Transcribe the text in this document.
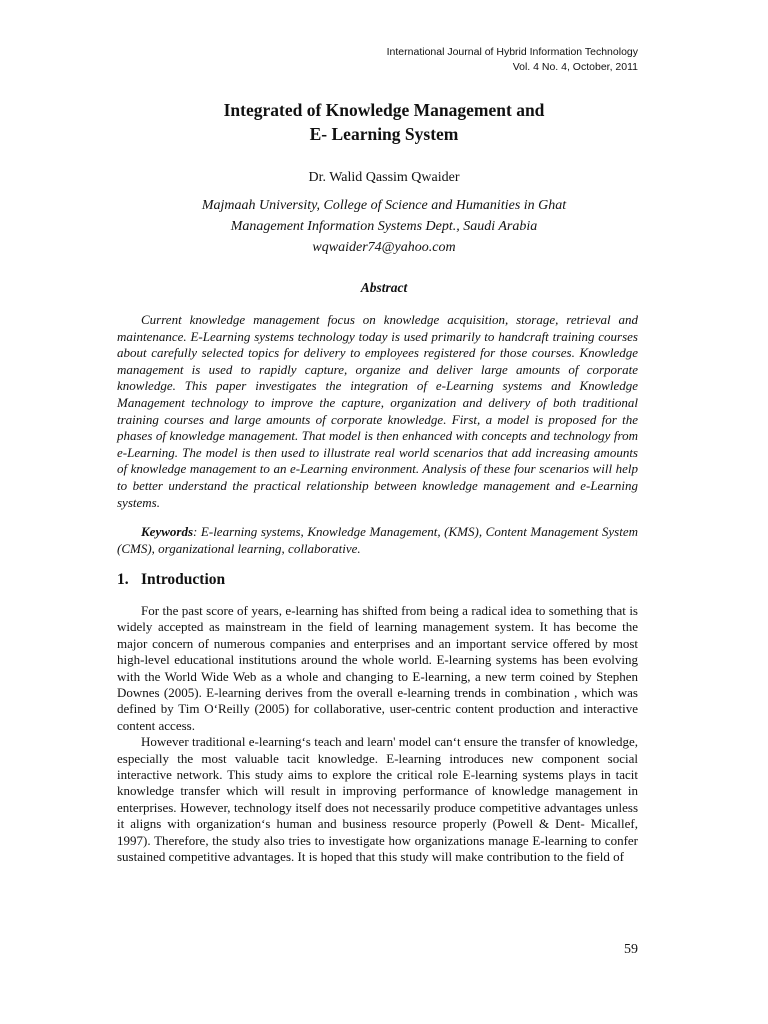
International Journal of Hybrid Information Technology
Vol. 4 No. 4, October, 2011
Integrated of Knowledge Management and
E- Learning System
Dr. Walid Qassim Qwaider
Majmaah University, College of Science and Humanities in Ghat
Management Information Systems Dept., Saudi Arabia
wqwaider74@yahoo.com
Abstract

Current knowledge management focus on knowledge acquisition, storage, retrieval and maintenance. E-Learning systems technology today is used primarily to handcraft training courses about carefully selected topics for delivery to employees registered for those courses. Knowledge management is used to rapidly capture, organize and deliver large amounts of corporate knowledge. This paper investigates the integration of e-Learning systems and Knowledge Management technology to improve the capture, organization and delivery of both traditional training courses and large amounts of corporate knowledge. First, a model is proposed for the phases of knowledge management. That model is then enhanced with concepts and technology from e-Learning. The model is then used to illustrate real world scenarios that add increasing amounts of knowledge management to an e-Learning environment. Analysis of these four scenarios will help to better understand the practical relationship between knowledge management and e-Learning systems.

Keywords: E-learning systems, Knowledge Management, (KMS), Content Management System (CMS), organizational learning, collaborative.

1. Introduction

For the past score of years, e-learning has shifted from being a radical idea to something that is widely accepted as mainstream in the field of learning management system. It has become the major concern of numerous companies and enterprises and an important service offered by most high-level educational institutions around the whole world. E-learning systems has been evolving with the World Wide Web as a whole and changing to E-learning, a new term coined by Stephen Downes (2005). E-learning derives from the overall e-learning trends in combination , which was defined by Tim O‘Reilly (2005) for collaborative, user-centric content production and interactive content access.

However traditional e-learning‘s teach and learn' model can‘t ensure the transfer of knowledge, especially the most valuable tacit knowledge. E-learning introduces new component social interactive network. This study aims to explore the critical role E-learning systems plays in tacit knowledge transfer which will result in improving performance of knowledge management in enterprises. However, technology itself does not necessarily produce competitive advantages unless it aligns with organization‘s human and business resource properly (Powell & Dent- Micallef, 1997). Therefore, the study also tries to investigate how organizations manage E-learning to confer sustained competitive advantages. It is hoped that this study will make contribution to the field of

59
